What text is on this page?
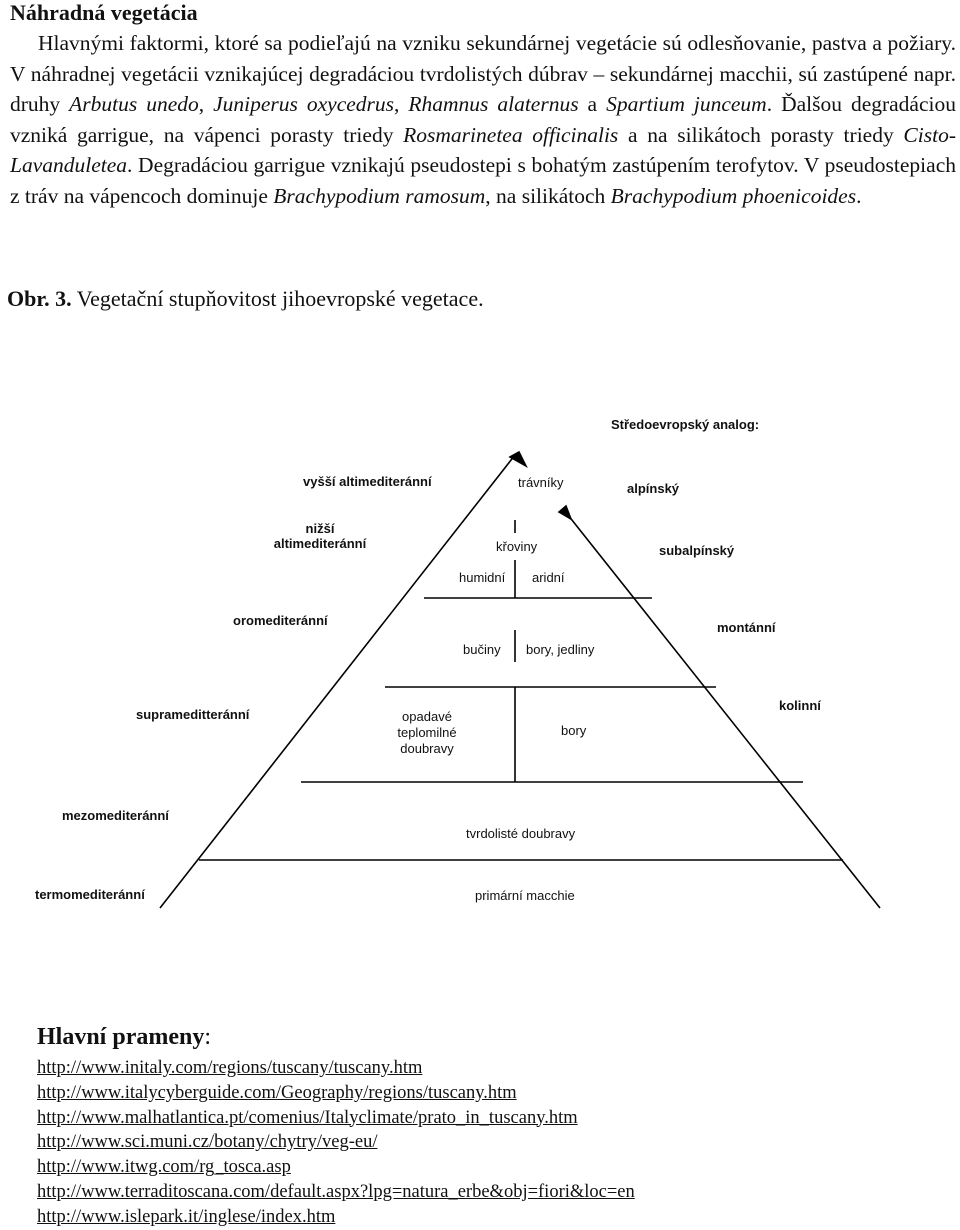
Náhradná vegetácia
Hlavnými faktormi, ktoré sa podieľajú na vzniku sekundárnej vegetácie sú odlesňovanie, pastva a požiary. V náhradnej vegetácii vznikajúcej degradáciou tvrdolistých dúbrav – sekundárnej macchii, sú zastúpené napr. druhy Arbutus unedo, Juniperus oxycedrus, Rhamnus alaternus a Spartium junceum. Ďalšou degradáciou vzniká garrigue, na vápenci porasty triedy Rosmarinetea officinalis a na silikátoch porasty triedy Cisto-Lavanduletea. Degradáciou garrigue vznikajú pseudostepi s bohatým zastúpením terofytov. V pseudostepiach z tráv na vápencoch dominuje Brachypodium ramosum, na silikátoch Brachypodium phoenicoides.
Obr. 3. Vegetační stupňovitost jihoevropské vegetace.
Středoevropský analog:
vyšší altimediteránní
nižší
altimediteránní
oromediteránní
suprameditteránní
mezomediteránní
termomediteránní
trávníky
křoviny
humidní aridní
bučiny bory, jedliny
opadavé
teplomilné
doubravy
bory
tvrdolisté doubravy
primární macchie
alpínský
subalpínský
montánní
kolinní
Hlavní prameny:
http://www.initaly.com/regions/tuscany/tuscany.htm
http://www.italycyberguide.com/Geography/regions/tuscany.htm
http://www.malhatlantica.pt/comenius/Italyclimate/prato_in_tuscany.htm
http://www.sci.muni.cz/botany/chytry/veg-eu/
http://www.itwg.com/rg_tosca.asp
http://www.terraditoscana.com/default.aspx?lpg=natura_erbe&obj=fiori&loc=en
http://www.islepark.it/inglese/index.htm
